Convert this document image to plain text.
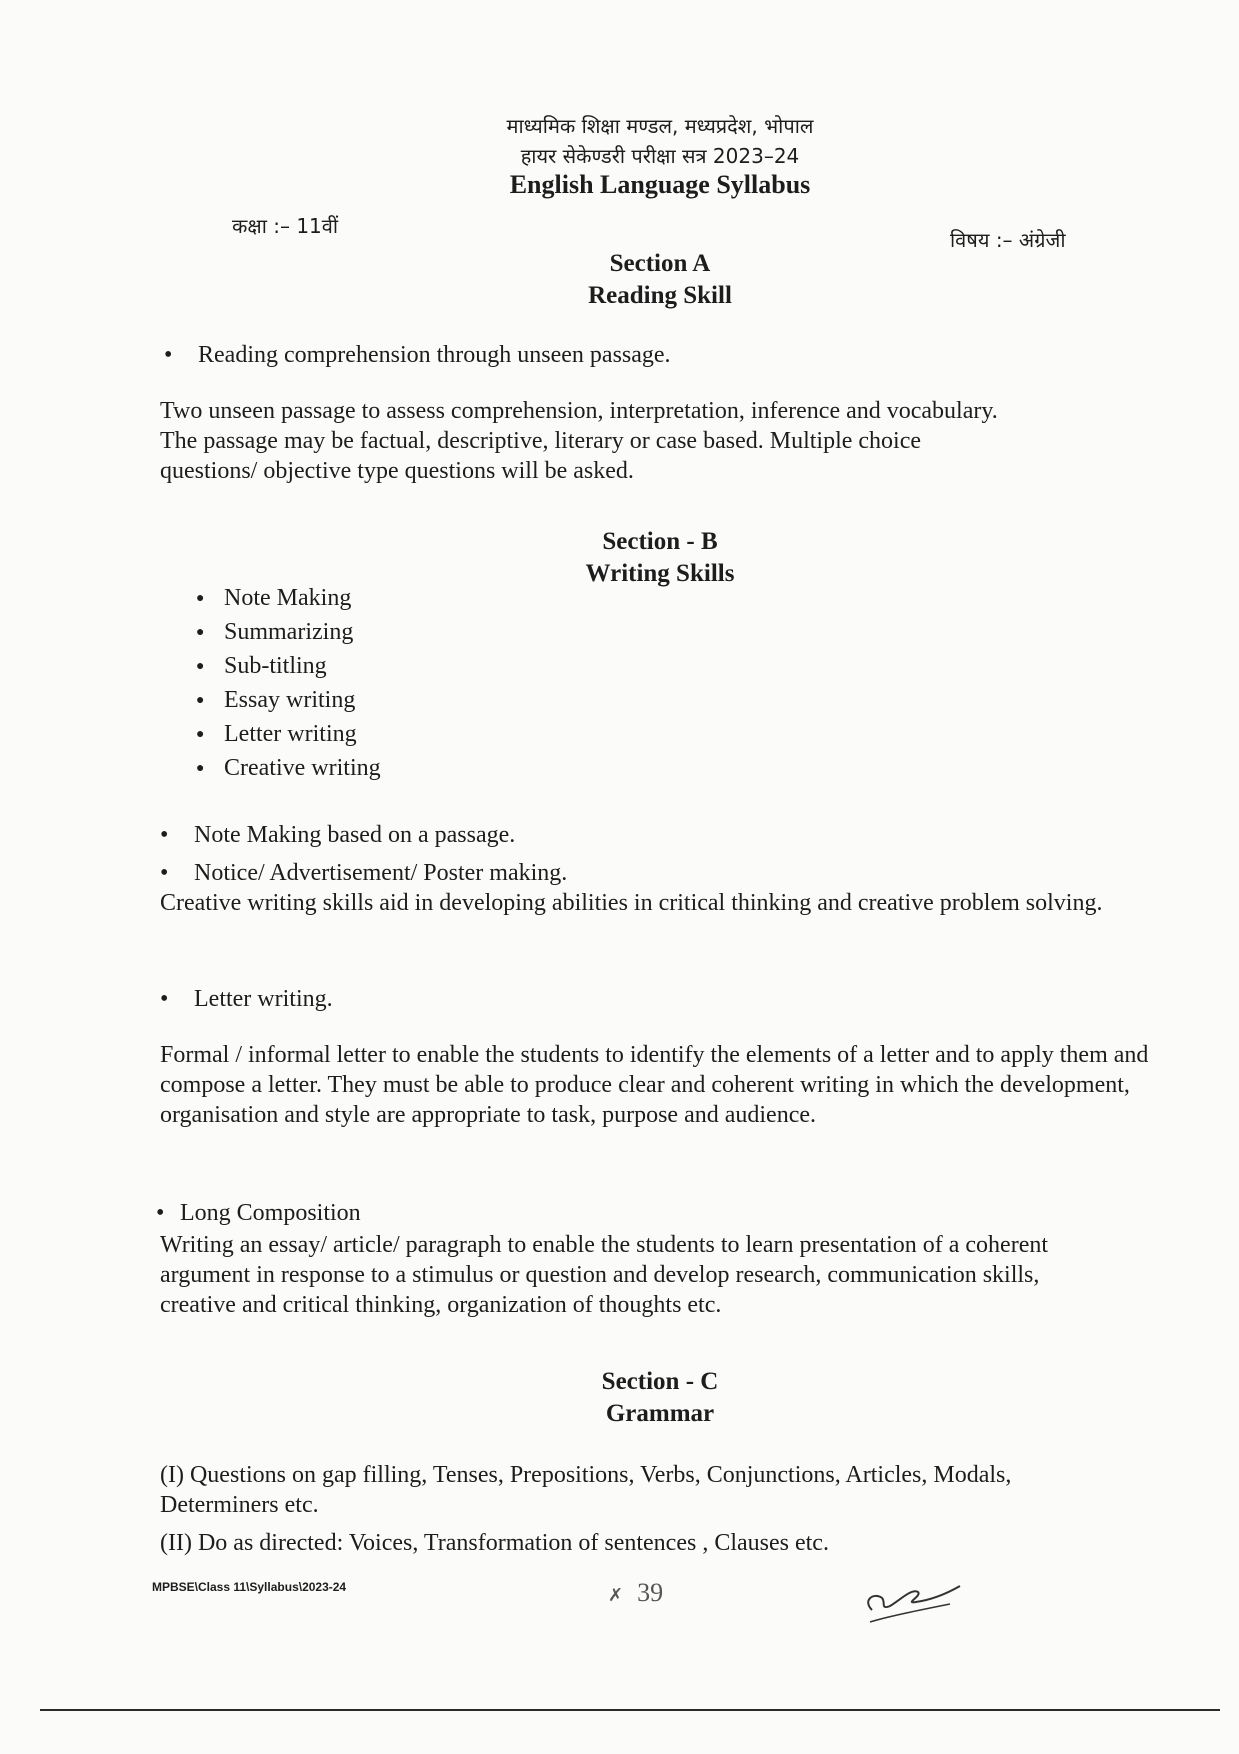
माध्यमिक शिक्षा मण्डल, मध्यप्रदेश, भोपाल
हायर सेकेण्डरी परीक्षा सत्र 2023–24
English Language Syllabus
कक्षा :– 11वीं
विषय :– अंग्रेजी
Section A
Reading Skill
• Reading comprehension through unseen passage.
Two unseen passage to assess comprehension, interpretation, inference and vocabulary. The passage may be factual, descriptive, literary or case based. Multiple choice questions/ objective type questions will be asked.
Section - B
Writing Skills
● Note Making
● Summarizing
● Sub-titling
● Essay writing
● Letter writing
● Creative writing
• Note Making based on a passage.
• Notice/ Advertisement/ Poster making.
Creative writing skills aid in developing abilities in critical thinking and creative problem solving.
• Letter writing.
Formal / informal letter to enable the students to identify the elements of a letter and to apply them and compose a letter. They must be able to produce clear and coherent writing in which the development, organisation and style are appropriate to task, purpose and audience.
• Long Composition
Writing an essay/ article/ paragraph to enable the students to learn presentation of a coherent argument in response to a stimulus or question and develop research, communication skills, creative and critical thinking, organization of thoughts etc.
Section - C
Grammar
(I) Questions on gap filling, Tenses, Prepositions, Verbs, Conjunctions, Articles, Modals, Determiners etc.
(II) Do as directed: Voices, Transformation of sentences , Clauses etc.
MPBSE\Class 11\Syllabus\2023-24	✗ 39
